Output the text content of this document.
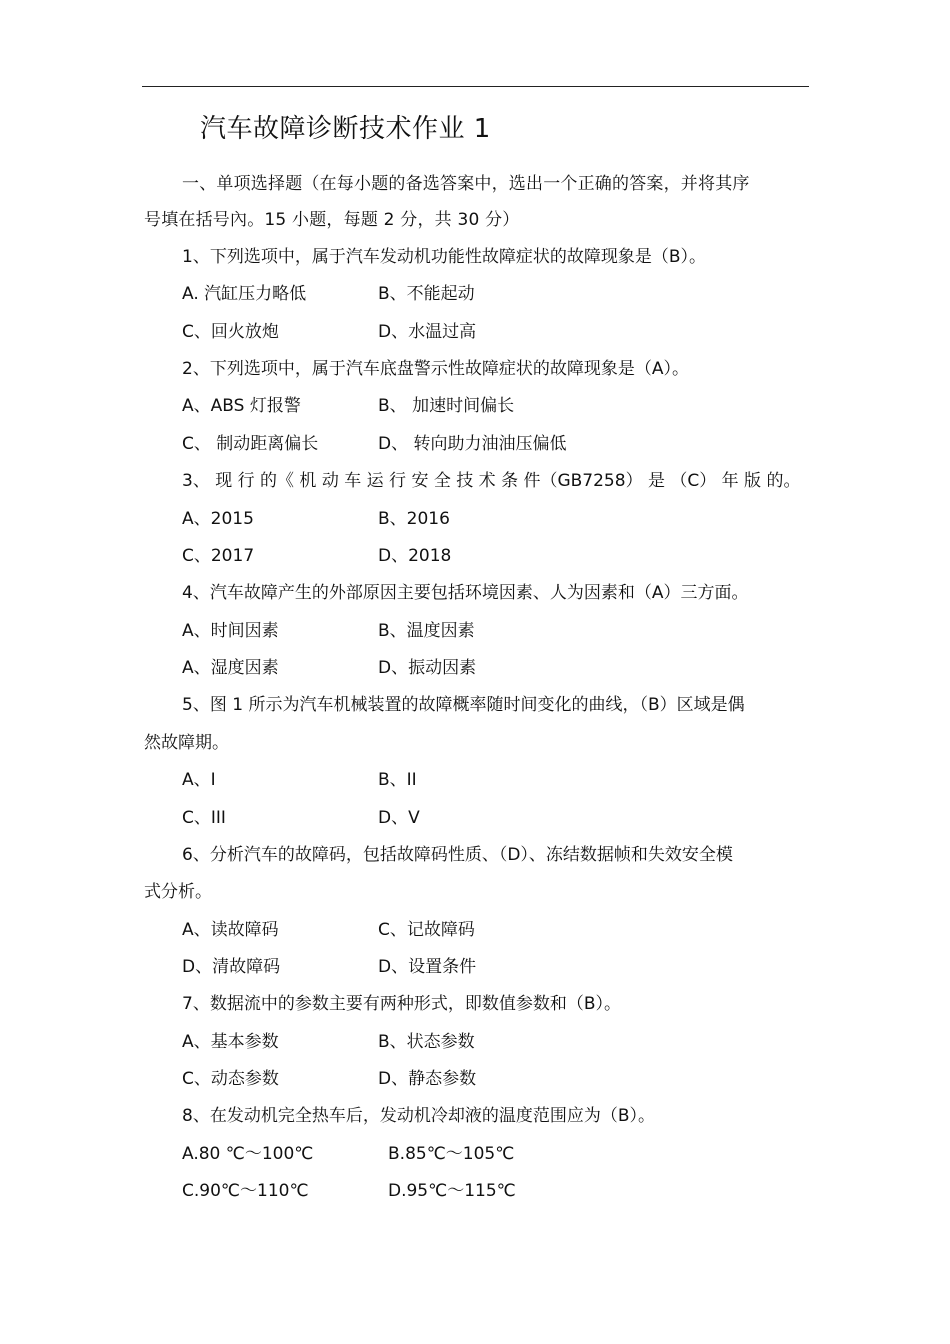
汽车故障诊断技术作业 1
一、单项选择题（在每小题的备选答案中，选出一个正确的答案，并将其序
号填在括号內。15 小题，每题 2 分，共 30 分）
1、下列选项中，属于汽车发动机功能性故障症状的故障现象是（B）。
A. 汽缸压力略低	B、不能起动
C、回火放炮	D、水温过高
2、下列选项中，属于汽车底盘警示性故障症状的故障现象是（A）。
A、ABS 灯报警	B、 加速时间偏长
C、 制动距离偏长	D、 转向助力油油压偏低
3、 现 行 的《 机 动 车 运 行 安 全 技 术 条 件（GB7258） 是 （C） 年 版 的。
A、2015	B、2016
C、2017	D、2018
4、汽车故障产生的外部原因主要包括环境因素、人为因素和（A）三方面。
A、时间因素	B、温度因素
A、湿度因素	D、振动因素
5、图 1 所示为汽车机械装置的故障概率随时间变化的曲线，（B）区域是偶
然故障期。
A、I	B、II
C、III	D、V
6、分析汽车的故障码，包括故障码性质、（D）、冻结数据帧和失效安全模
式分析。
A、读故障码	C、记故障码
D、清故障码	D、设置条件
7、数据流中的参数主要有两种形式，即数值参数和（B）。
A、基本参数	B、状态参数
C、动态参数	D、静态参数
8、在发动机完全热车后，发动机冷却液的温度范围应为（B）。
A.80 ℃～100℃	B.85℃～105℃
C.90℃～110℃	D.95℃～115℃
